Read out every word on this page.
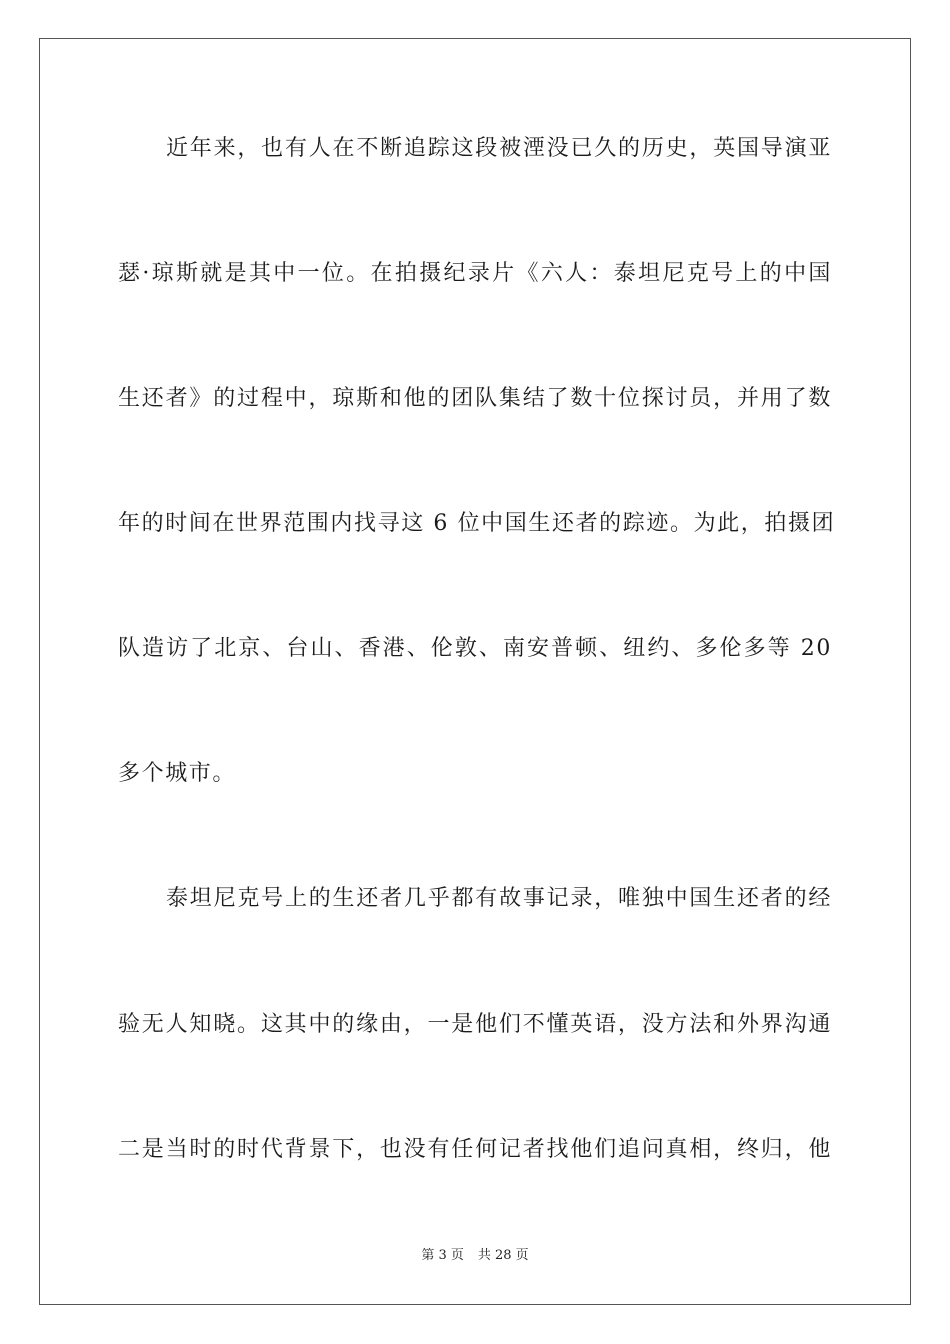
近年来，也有人在不断追踪这段被湮没已久的历史，英国导演亚
瑟·琼斯就是其中一位。在拍摄纪录片《六人：泰坦尼克号上的中国
生还者》的过程中，琼斯和他的团队集结了数十位探讨员，并用了数
年的时间在世界范围内找寻这 6 位中国生还者的踪迹。为此，拍摄团
队造访了北京、台山、香港、伦敦、南安普顿、纽约、多伦多等 20
多个城市。
泰坦尼克号上的生还者几乎都有故事记录，唯独中国生还者的经
验无人知晓。这其中的缘由，一是他们不懂英语，没方法和外界沟通
二是当时的时代背景下，也没有任何记者找他们追问真相，终归，他
第 3 页 共 28 页
